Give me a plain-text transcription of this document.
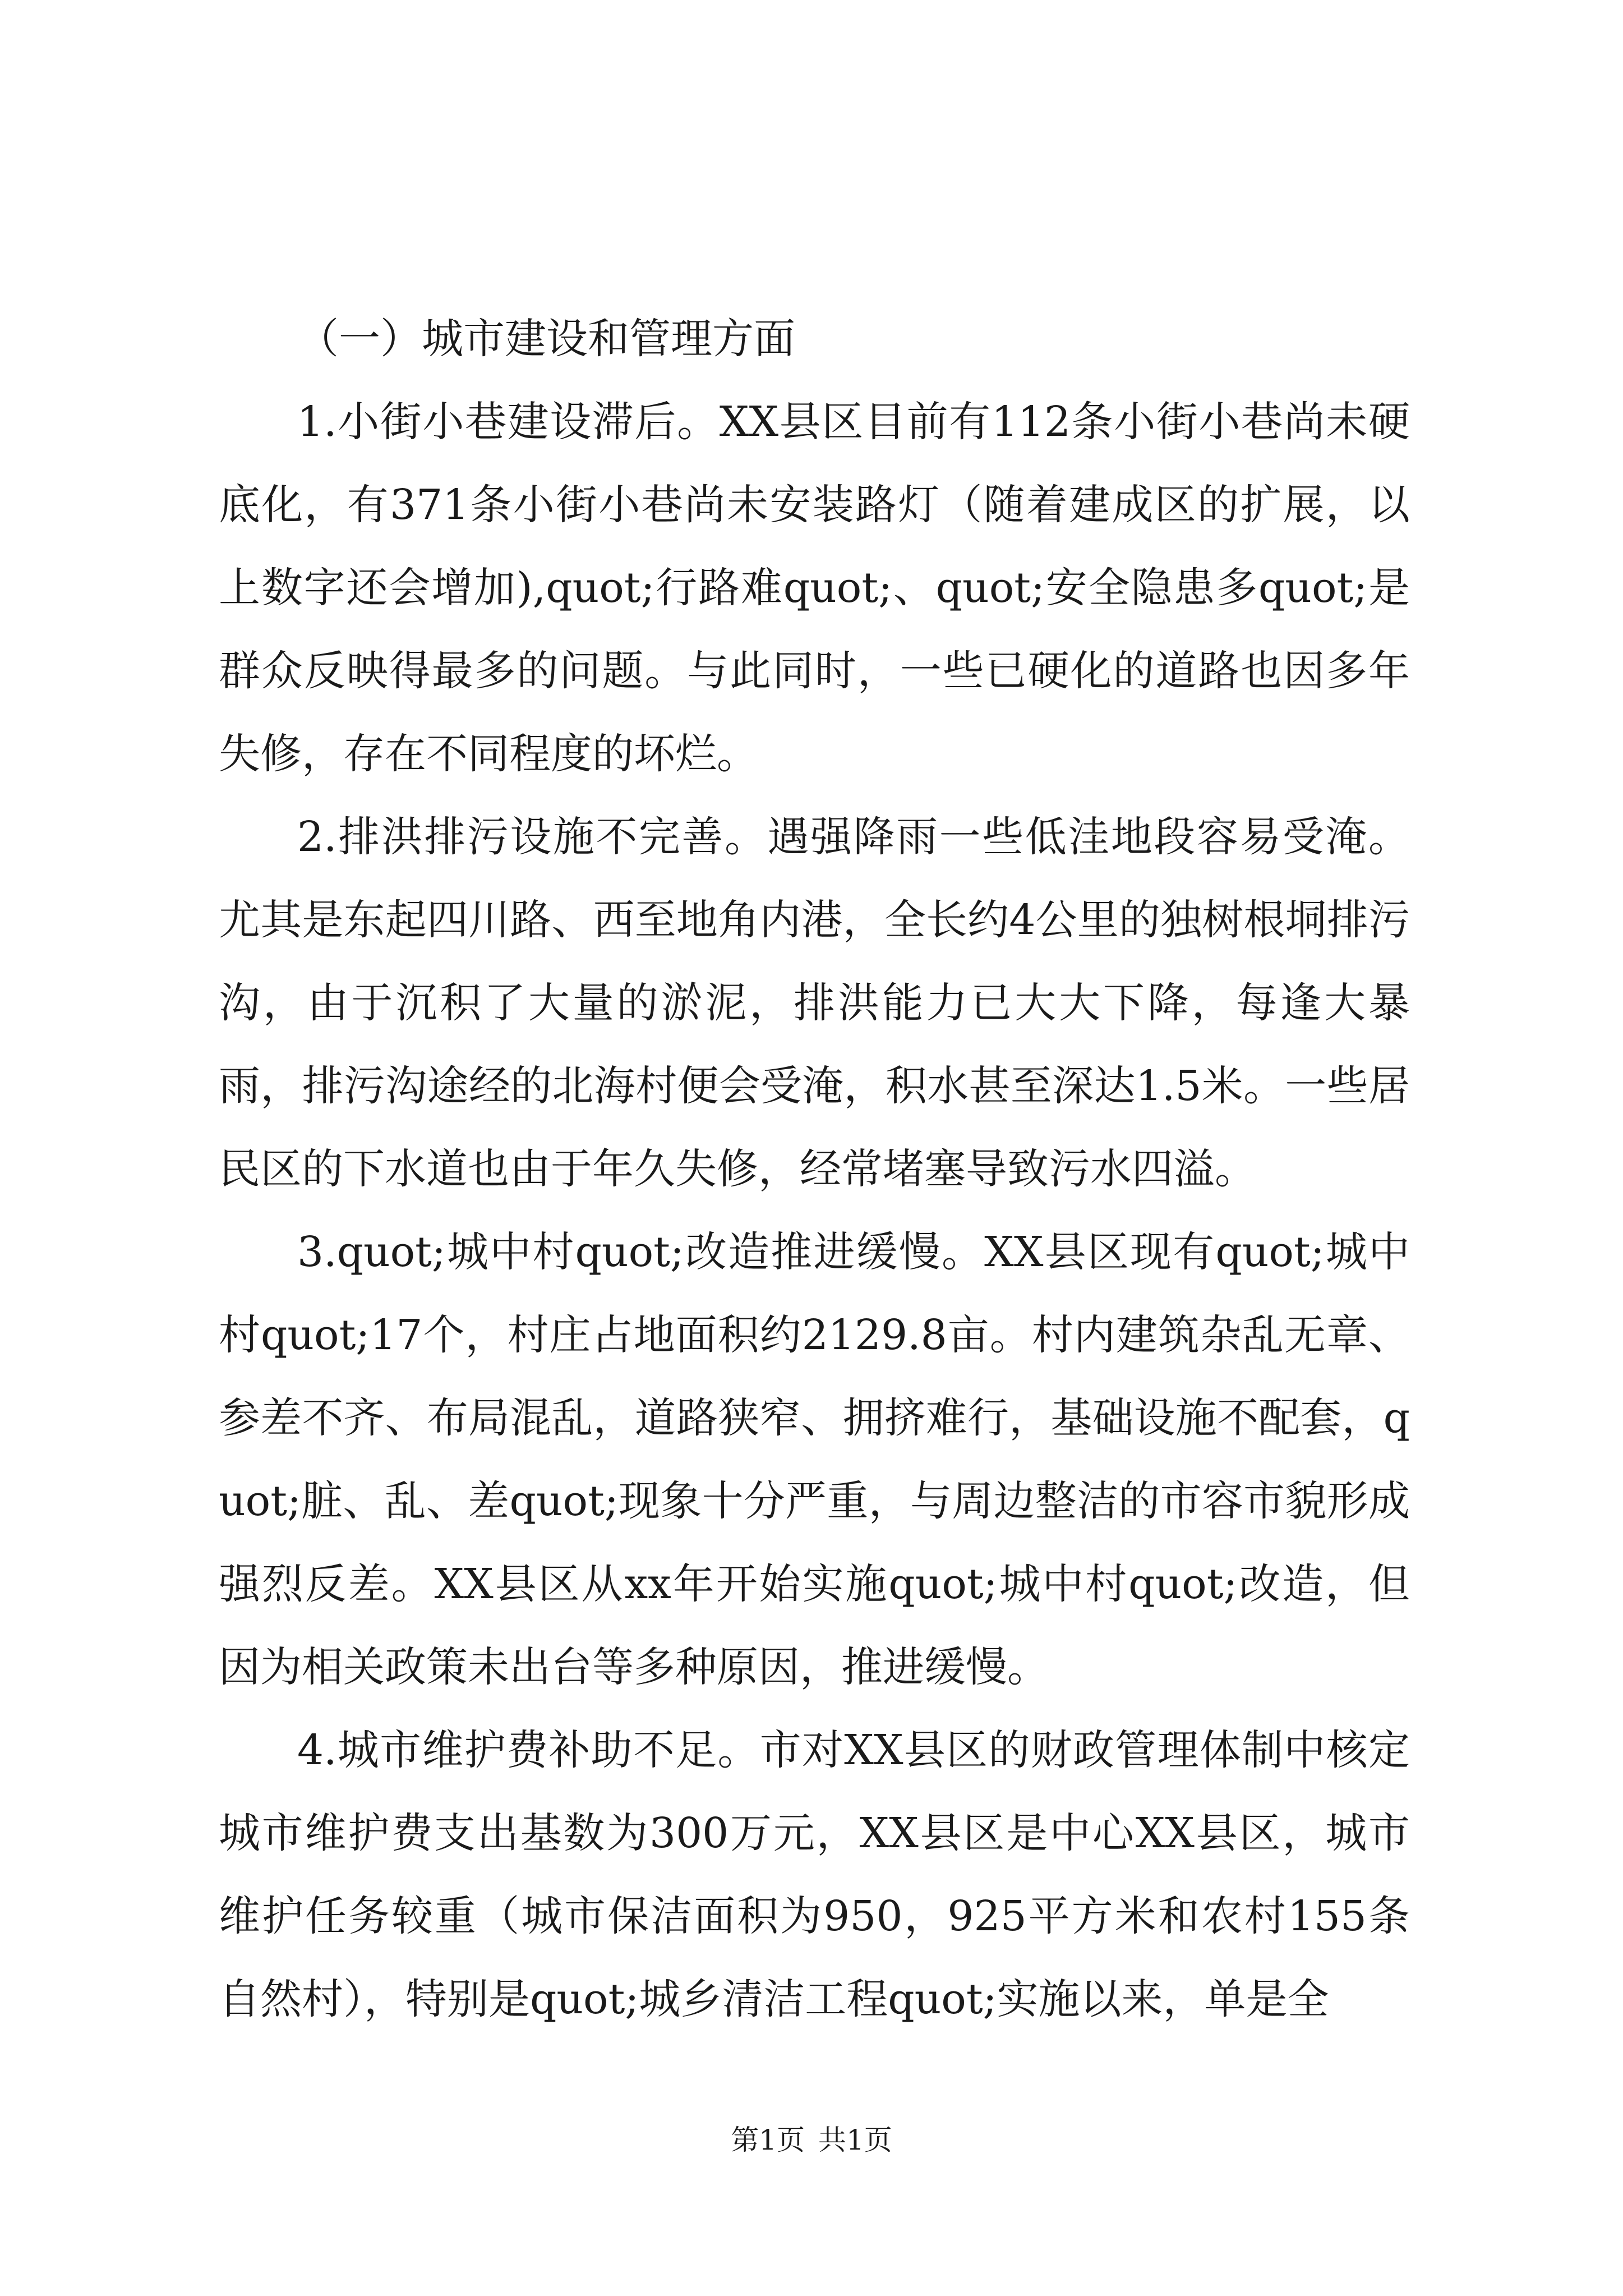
（一）城市建设和管理方面

1.小街小巷建设滞后。XX县区目前有112条小街小巷尚未硬底化，有371条小街小巷尚未安装路灯（随着建成区的扩展，以上数字还会增加),quot;行路难quot;、quot;安全隐患多quot;是群众反映得最多的问题。与此同时，一些已硬化的道路也因多年失修，存在不同程度的坏烂。

2.排洪排污设施不完善。遇强降雨一些低洼地段容易受淹。尤其是东起四川路、西至地角内港，全长约4公里的独树根垌排污沟，由于沉积了大量的淤泥，排洪能力已大大下降，每逢大暴雨，排污沟途经的北海村便会受淹，积水甚至深达1.5米。一些居民区的下水道也由于年久失修，经常堵塞导致污水四溢。

3.quot;城中村quot;改造推进缓慢。XX县区现有quot;城中村quot;17个，村庄占地面积约2129.8亩。村内建筑杂乱无章、参差不齐、布局混乱，道路狭窄、拥挤难行，基础设施不配套，quot;脏、乱、差quot;现象十分严重，与周边整洁的市容市貌形成强烈反差。XX县区从xx年开始实施quot;城中村quot;改造，但因为相关政策未出台等多种原因，推进缓慢。

4.城市维护费补助不足。市对XX县区的财政管理体制中核定城市维护费支出基数为300万元，XX县区是中心XX县区，城市维护任务较重（城市保洁面积为950，925平方米和农村155条自然村），特别是quot;城乡清洁工程quot;实施以来，单是全

第1页 共1页
